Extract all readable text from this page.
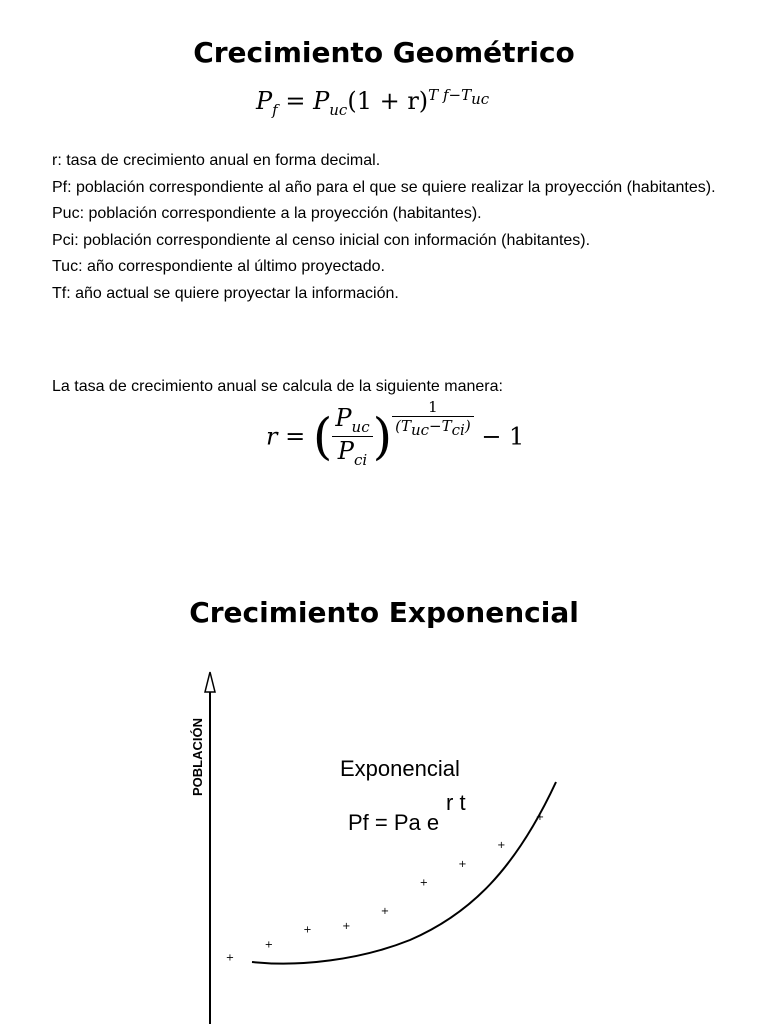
Crecimiento Geométrico
$P_f = P_{uc}(1 + r)^{T f-T_{uc}}$

r: tasa de crecimiento anual en forma decimal.

Pf: población correspondiente al año para el que se quiere realizar la proyección (habitantes).

Puc: población correspondiente a la proyección (habitantes).

Pci: población correspondiente al censo inicial con información (habitantes).

Tuc: año correspondiente al último proyectado.

Tf: año actual se quiere proyectar la información.

La tasa de crecimiento anual se calcula de la siguiente manera:

r = ( $\frac{P_{uc}}{P_{ci}}$ ) $\frac{1}{(T_{uc}-T_{ci})} - 1$
Crecimiento Exponencial
POBLACIÓN	Exponencial
Pf = Pa e
r t
+
+
+	+
+
+
+
+
+
